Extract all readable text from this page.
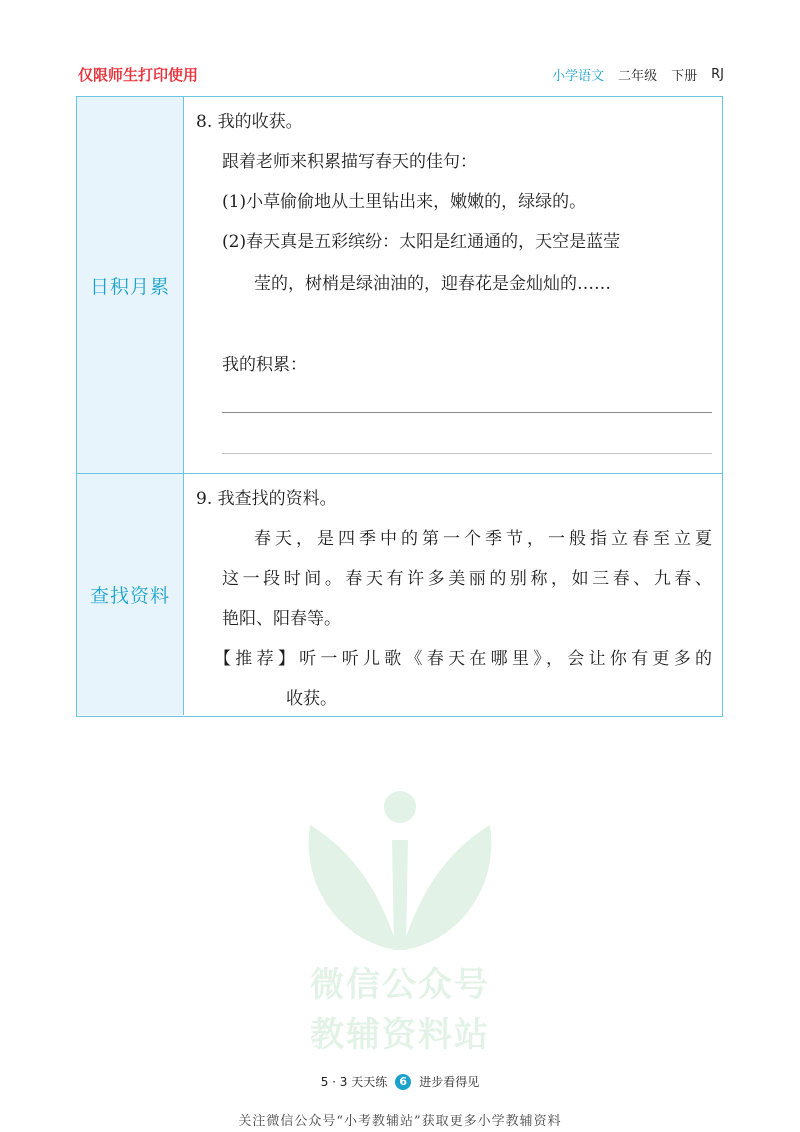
仅限师生打印使用	小学语文 二年级 下册 RJ
日积月累
8. 我的收获。
跟着老师来积累描写春天的佳句：
(1)小草偷偷地从土里钻出来，嫩嫩的，绿绿的。
(2)春天真是五彩缤纷：太阳是红通通的，天空是蓝莹
莹的，树梢是绿油油的，迎春花是金灿灿的……
我的积累：
查找资料
9. 我查找的资料。
春天，是四季中的第一个季节，一般指立春至立夏
这一段时间。春天有许多美丽的别称，如三春、九春、
艳阳、阳春等。
【推荐】听一听儿歌《春天在哪里》，会让你有更多的
收获。
微信公众号
教辅资料站
5 · 3 天天练	6	进步看得见
关注微信公众号“小考教辅站”获取更多小学教辅资料
